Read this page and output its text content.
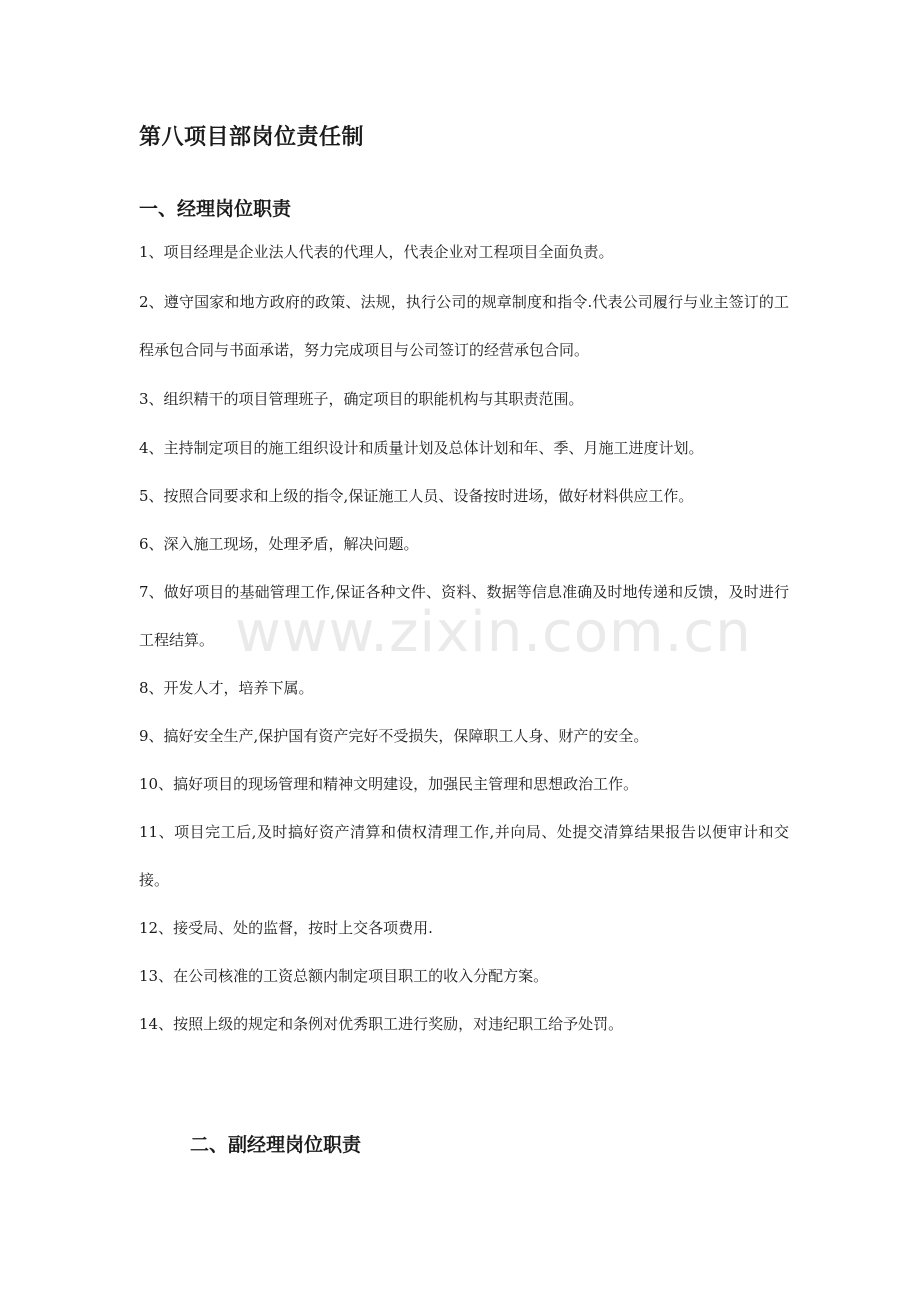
第八项目部岗位责任制
一、经理岗位职责

1、项目经理是企业法人代表的代理人，代表企业对工程项目全面负责。

2、遵守国家和地方政府的政策、法规，执行公司的规章制度和指令.代表公司履行与业主签订的工程承包合同与书面承诺，努力完成项目与公司签订的经营承包合同。

3、组织精干的项目管理班子，确定项目的职能机构与其职责范围。

4、主持制定项目的施工组织设计和质量计划及总体计划和年、季、月施工进度计划。

5、按照合同要求和上级的指令,保证施工人员、设备按时进场，做好材料供应工作。

6、深入施工现场，处理矛盾，解决问题。

7、做好项目的基础管理工作,保证各种文件、资料、数据等信息准确及时地传递和反馈，及时进行工程结算。

8、开发人才，培养下属。

9、搞好安全生产,保护国有资产完好不受损失，保障职工人身、财产的安全。

10、搞好项目的现场管理和精神文明建设，加强民主管理和思想政治工作。

11、项目完工后,及时搞好资产清算和债权清理工作,并向局、处提交清算结果报告以便审计和交接。

12、接受局、处的监督，按时上交各项费用.

13、在公司核准的工资总额内制定项目职工的收入分配方案。

14、按照上级的规定和条例对优秀职工进行奖励，对违纪职工给予处罚。

二、副经理岗位职责
www.zixin.com.cn
